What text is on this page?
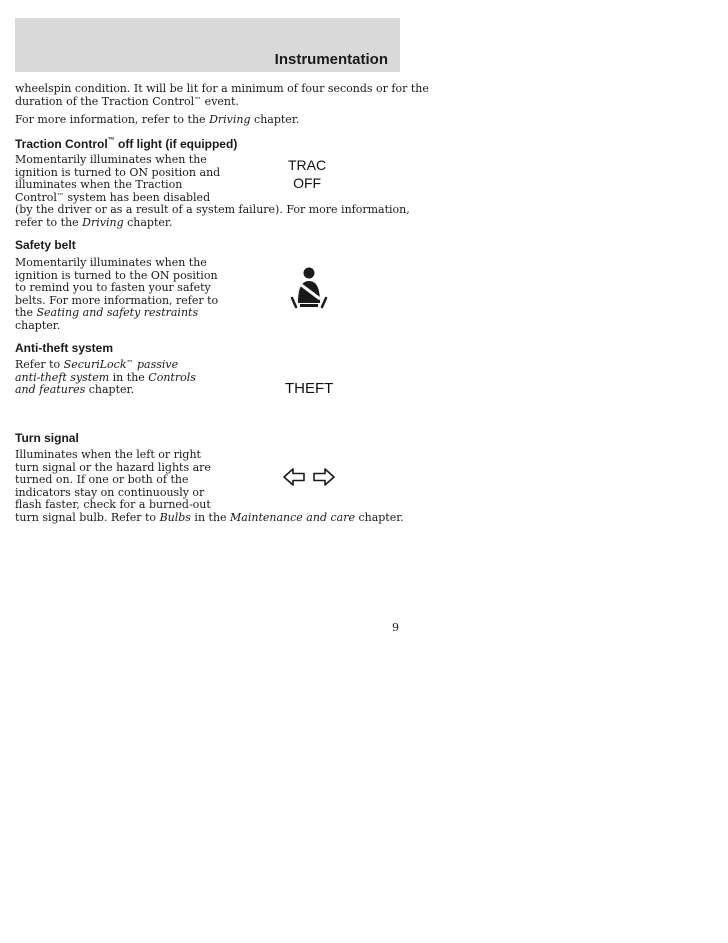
Instrumentation

wheelspin condition. It will be lit for a minimum of four seconds or for the
duration of the Traction Control™ event.

For more information, refer to the Driving chapter.

Traction Control™ off light (if equipped)

Momentarily illuminates when the
ignition is turned to ON position and
illuminates when the Traction
Control™ system has been disabled
(by the driver or as a result of a system failure). For more information,
refer to the Driving chapter.

TRAC
OFF
Safety belt

Momentarily illuminates when the
ignition is turned to the ON position
to remind you to fasten your safety
belts. For more information, refer to
the Seating and safety restraints
chapter.

Anti-theft system

Refer to SecuriLock™ passive
anti-theft system in the Controls
and features chapter.	THEFT
Turn signal

Illuminates when the left or right
turn signal or the hazard lights are
turned on. If one or both of the
indicators stay on continuously or
flash faster, check for a burned-out
turn signal bulb. Refer to Bulbs in the Maintenance and care chapter.

9
